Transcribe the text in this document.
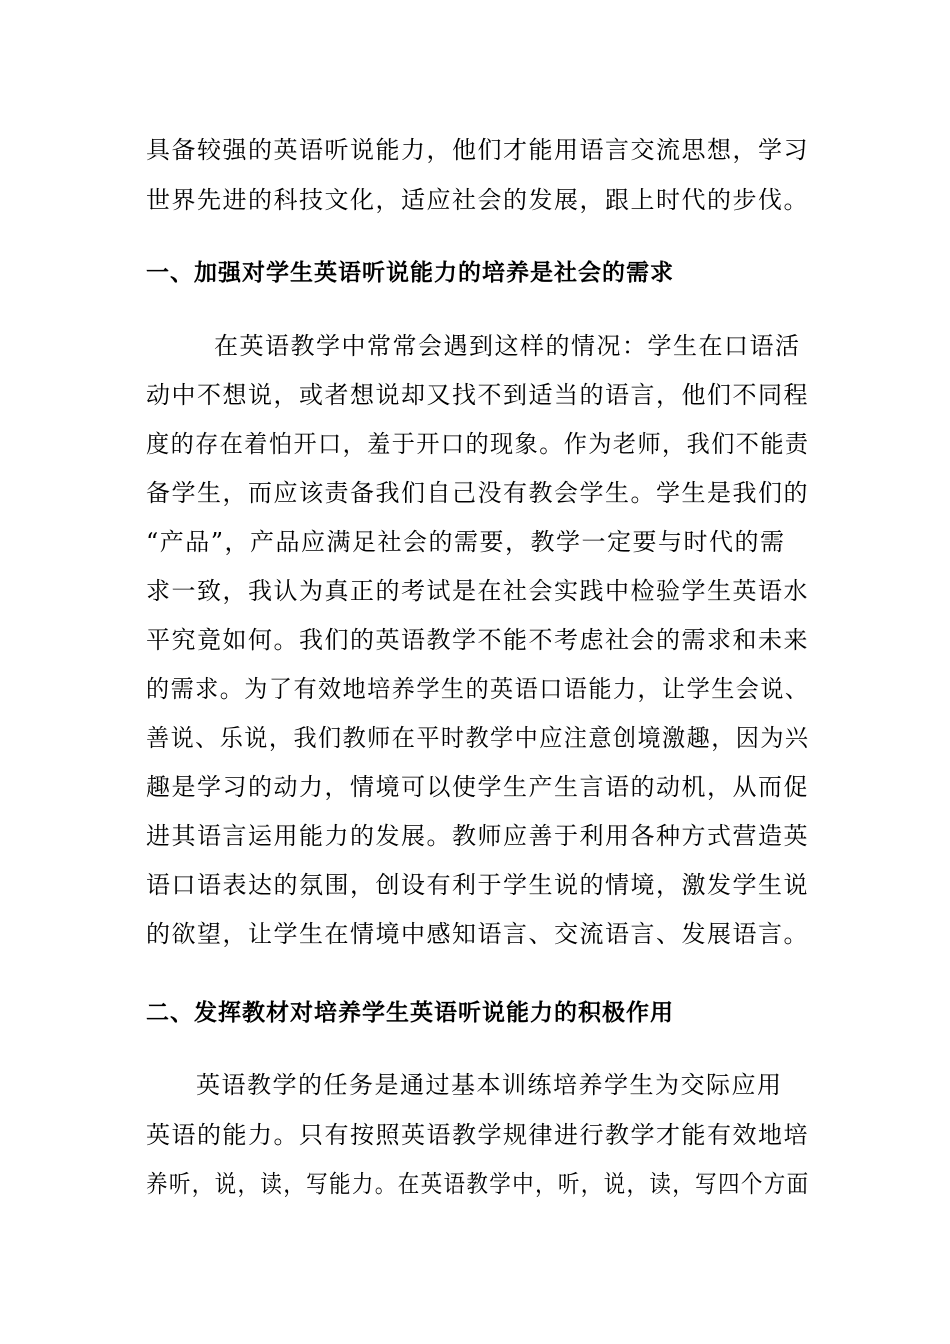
具备较强的英语听说能力，他们才能用语言交流思想，学习
世界先进的科技文化，适应社会的发展，跟上时代的步伐。
一、加强对学生英语听说能力的培养是社会的需求
在英语教学中常常会遇到这样的情况：学生在口语活
动中不想说，或者想说却又找不到适当的语言，他们不同程
度的存在着怕开口，羞于开口的现象。作为老师，我们不能责
备学生，而应该责备我们自己没有教会学生。学生是我们的
“产品”，产品应满足社会的需要，教学一定要与时代的需
求一致，我认为真正的考试是在社会实践中检验学生英语水
平究竟如何。我们的英语教学不能不考虑社会的需求和未来
的需求。为了有效地培养学生的英语口语能力，让学生会说、
善说、乐说，我们教师在平时教学中应注意创境激趣，因为兴
趣是学习的动力，情境可以使学生产生言语的动机，从而促
进其语言运用能力的发展。教师应善于利用各种方式营造英
语口语表达的氛围，创设有利于学生说的情境，激发学生说
的欲望，让学生在情境中感知语言、交流语言、发展语言。
二、发挥教材对培养学生英语听说能力的积极作用
英语教学的任务是通过基本训练培养学生为交际应用
英语的能力。只有按照英语教学规律进行教学才能有效地培
养听，说，读，写能力。在英语教学中，听，说，读，写四个方面
